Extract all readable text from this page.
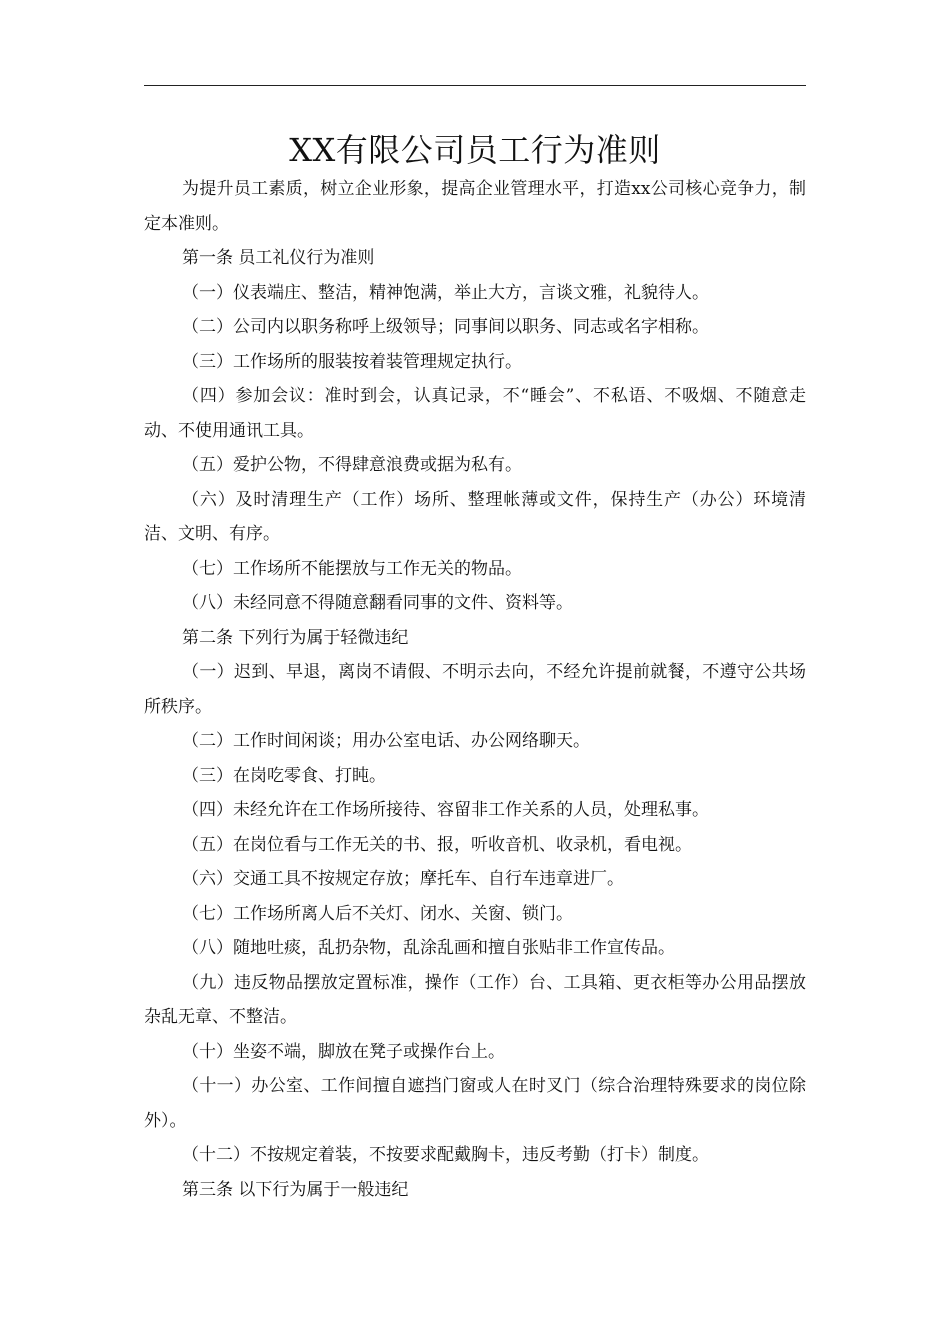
XX有限公司员工行为准则

为提升员工素质，树立企业形象，提高企业管理水平，打造xx公司核心竞争力，制定本准则。

第一条 员工礼仪行为准则

（一）仪表端庄、整洁，精神饱满，举止大方，言谈文雅，礼貌待人。

（二）公司内以职务称呼上级领导；同事间以职务、同志或名字相称。

（三）工作场所的服装按着装管理规定执行。

（四）参加会议：准时到会，认真记录，不“睡会”、不私语、不吸烟、不随意走动、不使用通讯工具。

（五）爱护公物，不得肆意浪费或据为私有。

（六）及时清理生产（工作）场所、整理帐薄或文件，保持生产（办公）环境清洁、文明、有序。

（七）工作场所不能摆放与工作无关的物品。

（八）未经同意不得随意翻看同事的文件、资料等。

第二条 下列行为属于轻微违纪

（一）迟到、早退，离岗不请假、不明示去向，不经允许提前就餐，不遵守公共场所秩序。

（二）工作时间闲谈；用办公室电话、办公网络聊天。

（三）在岗吃零食、打盹。

（四）未经允许在工作场所接待、容留非工作关系的人员，处理私事。

（五）在岗位看与工作无关的书、报，听收音机、收录机，看电视。

（六）交通工具不按规定存放；摩托车、自行车违章进厂。

（七）工作场所离人后不关灯、闭水、关窗、锁门。

（八）随地吐痰，乱扔杂物，乱涂乱画和擅自张贴非工作宣传品。

（九）违反物品摆放定置标准，操作（工作）台、工具箱、更衣柜等办公用品摆放杂乱无章、不整洁。

（十）坐姿不端，脚放在凳子或操作台上。

（十一）办公室、工作间擅自遮挡门窗或人在时叉门（综合治理特殊要求的岗位除外）。

（十二）不按规定着装，不按要求配戴胸卡，违反考勤（打卡）制度。

第三条 以下行为属于一般违纪
